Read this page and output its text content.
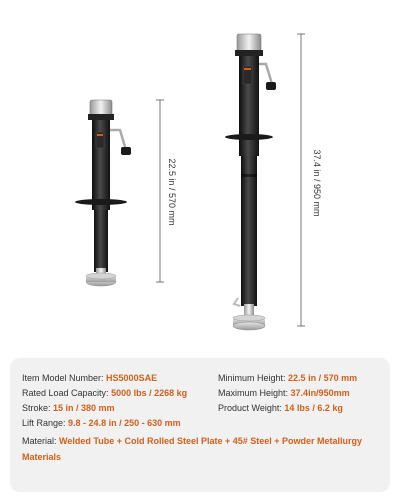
22.5 in / 570 mm	37.4 in / 950 mm
Item Model Number: HS5000SAE
Rated Load Capacity: 5000 lbs / 2268 kg
Stroke: 15 in / 380 mm
Lift Range: 9.8 - 24.8 in / 250 - 630 mm
Minimum Height: 22.5 in / 570 mm
Maximum Height: 37.4in/950mm
Product Weight: 14 lbs / 6.2 kg
Material: Welded Tube + Cold Rolled Steel Plate + 45# Steel + Powder Metallurgy Materials
